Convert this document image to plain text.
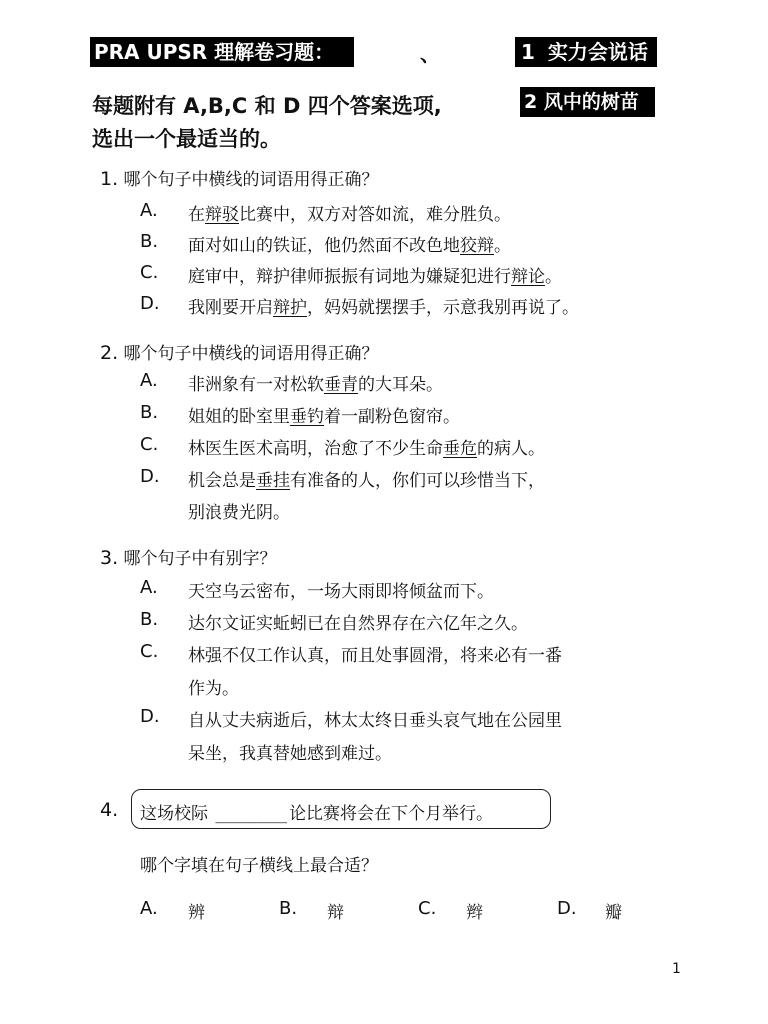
PRA UPSR 理解卷习题：	、	1 实力会说话
2 风中的树苗
每题附有 A,B,C 和 D 四个答案选项,
选出一个最适当的。
1. 哪个句子中横线的词语用得正确？
A. 在辩驳比赛中，双方对答如流，难分胜负。
B. 面对如山的铁证，他仍然面不改色地狡辩。
C. 庭审中，辩护律师振振有词地为嫌疑犯进行辩论。
D. 我刚要开启辩护，妈妈就摆摆手，示意我别再说了。
2. 哪个句子中横线的词语用得正确？
A. 非洲象有一对松软垂青的大耳朵。
B. 姐姐的卧室里垂钓着一副粉色窗帘。
C. 林医生医术高明，治愈了不少生命垂危的病人。
D. 机会总是垂挂有准备的人，你们可以珍惜当下，
别浪费光阴。
3. 哪个句子中有别字？
A. 天空乌云密布，一场大雨即将倾盆而下。
B. 达尔文证实蚯蚓已在自然界存在六亿年之久。
C. 林强不仅工作认真，而且处事圆滑，将来必有一番
作为。
D. 自从丈夫病逝后，林太太终日垂头哀气地在公园里
呆坐，我真替她感到难过。
4. 这场校际 _______ 论比赛将会在下个月举行。
哪个字填在句子横线上最合适？
A. 辨	B. 辩	C. 辫	D. 瓣
1
